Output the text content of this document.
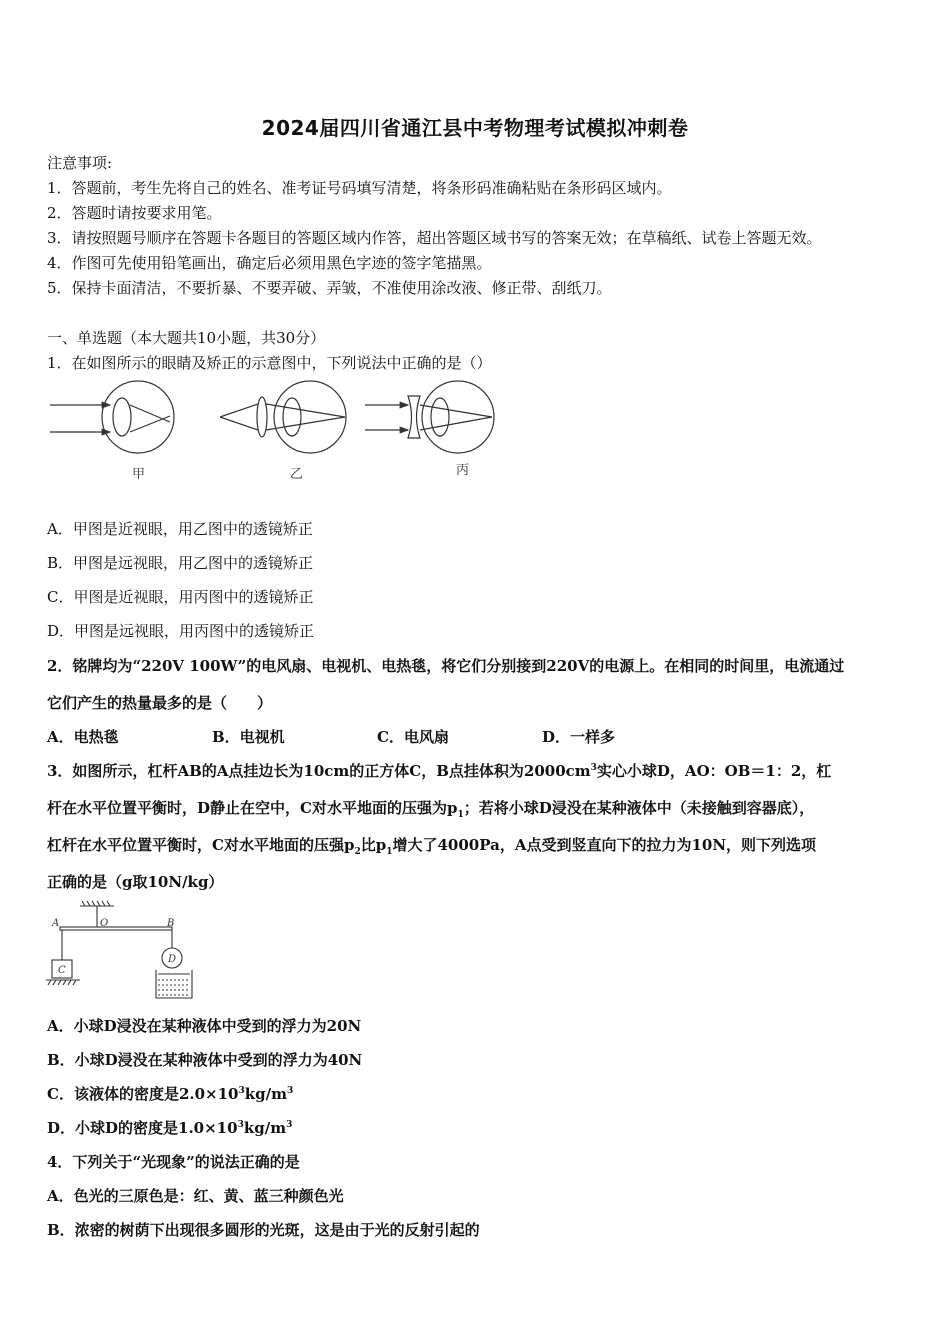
2024届四川省通江县中考物理考试模拟冲刺卷
注意事项:
1．答题前，考生先将自己的姓名、准考证号码填写清楚，将条形码准确粘贴在条形码区域内。
2．答题时请按要求用笔。
3．请按照题号顺序在答题卡各题目的答题区域内作答，超出答题区域书写的答案无效；在草稿纸、试卷上答题无效。
4．作图可先使用铅笔画出，确定后必须用黑色字迹的签字笔描黑。
5．保持卡面清洁，不要折暴、不要弄破、弄皱，不准使用涂改液、修正带、刮纸刀。
一、单选题（本大题共10小题，共30分）
1．在如图所示的眼睛及矫正的示意图中，下列说法中正确的是（）
甲	乙	丙
A．甲图是近视眼，用乙图中的透镜矫正
B．甲图是远视眼，用乙图中的透镜矫正
C．甲图是近视眼，用丙图中的透镜矫正
D．甲图是远视眼，用丙图中的透镜矫正
2．铭牌均为“220V 100W”的电风扇、电视机、电热毯，将它们分别接到220V的电源上。在相同的时间里，电流通过
它们产生的热量最多的是（　　）
A．电热毯	B．电视机	C．电风扇	D．一样多
3．如图所示，杠杆AB的A点挂边长为10cm的正方体C，B点挂体积为$2000cm^3$实心小球D，AO：OB＝1：2，杠
杆在水平位置平衡时，D静止在空中，C对水平地面的压强为$p_1$；若将小球D浸没在某种液体中（未接触到容器底），
杠杆在水平位置平衡时，C对水平地面的压强$p_2$比$p_1$增大了4000Pa，A点受到竖直向下的拉力为10N，则下列选项
正确的是（g取10N/kg）
A	O	B
C
D
A．小球D浸没在某种液体中受到的浮力为20N
B．小球D浸没在某种液体中受到的浮力为40N
C．该液体的密度是$2.0\times 10^3kg/m^3$
D．小球D的密度是$1.0\times 10^3kg/m^3$
4．下列关于“光现象”的说法正确的是
A．色光的三原色是：红、黄、蓝三种颜色光
B．浓密的树荫下出现很多圆形的光斑，这是由于光的反射引起的
